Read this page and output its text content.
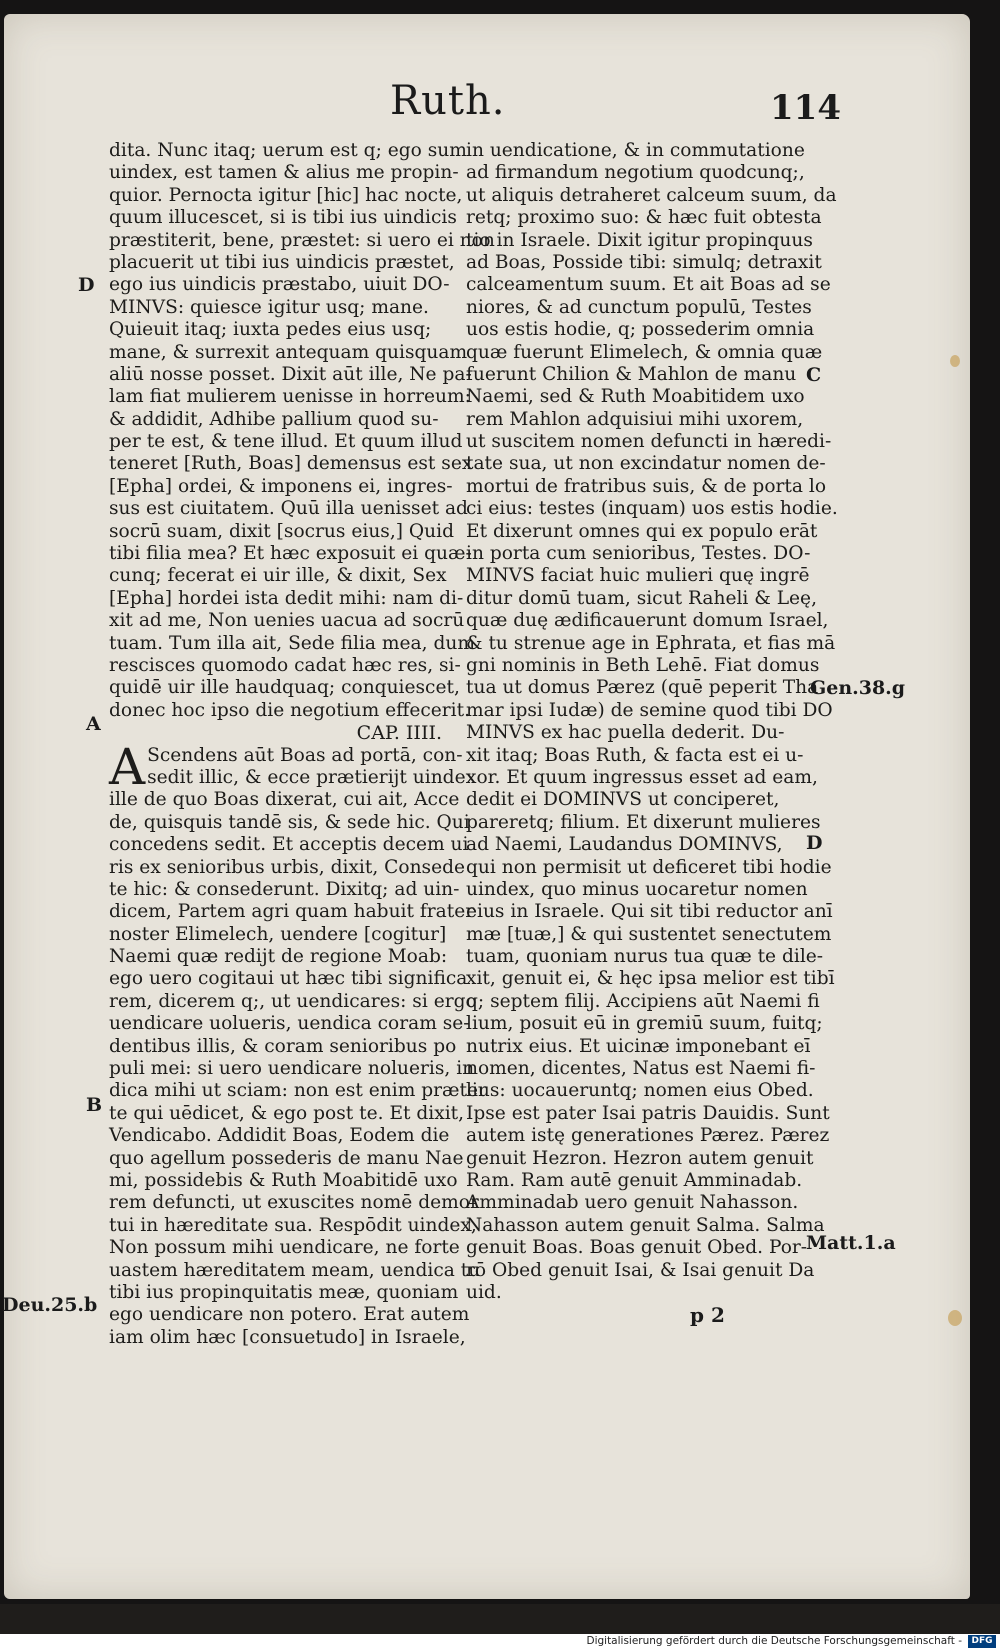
Ruth.	114
dita. Nunc itaq; uerum est q; ego sum
uindex, est tamen & alius me propin-
quior. Pernocta igitur [hic] hac nocte,
quum illucescet, si is tibi ius uindicis
præstiterit, bene, præstet: si uero ei non
placuerit ut tibi ius uindicis præstet,
ego ius uindicis præstabo, uiuit DO-
MINVS: quiesce igitur usq; mane.
Quieuit itaq; iuxta pedes eius usq;
mane, & surrexit antequam quisquam
aliū nosse posset. Dixit aūt ille, Ne pa-
lam fiat mulierem uenisse in horreum:
& addidit, Adhibe pallium quod su-
per te est, & tene illud. Et quum illud
teneret [Ruth, Boas] demensus est sex
[Epha] ordei, & imponens ei, ingres-
sus est ciuitatem. Quū illa uenisset ad
socrū suam, dixit [socrus eius,] Quid
tibi filia mea? Et hæc exposuit ei quæ-
cunq; fecerat ei uir ille, & dixit, Sex
[Epha] hordei ista dedit mihi: nam di-
xit ad me, Non uenies uacua ad socrū
tuam. Tum illa ait, Sede filia mea, dum
rescisces quomodo cadat hæc res, si-
quidē uir ille haudquaq; conquiescet,
donec hoc ipso die negotium effecerit.
CAP. IIII.
A Scendens aūt Boas ad portā, con-
sedit illic, & ecce prætierijt uindex
ille de quo Boas dixerat, cui ait, Acce
de, quisquis tandē sis, & sede hic. Qui
concedens sedit. Et acceptis decem ui
ris ex senioribus urbis, dixit, Consede
te hic: & consederunt. Dixitq; ad uin-
dicem, Partem agri quam habuit frater
noster Elimelech, uendere [cogitur]
Naemi quæ redijt de regione Moab:
ego uero cogitaui ut hæc tibi significa
rem, dicerem q;, ut uendicares: si ergo
uendicare uolueris, uendica coram se-
dentibus illis, & coram senioribus po
puli mei: si uero uendicare nolueris, in
dica mihi ut sciam: non est enim præter
te qui uēdicet, & ego post te. Et dixit,
Vendicabo. Addidit Boas, Eodem die
quo agellum possederis de manu Nae
mi, possidebis & Ruth Moabitidē uxo
rem defuncti, ut exuscites nomē demor
tui in hæreditate sua. Respōdit uindex,
Non possum mihi uendicare, ne forte
uastem hæreditatem meam, uendica tu
tibi ius propinquitatis meæ, quoniam
ego uendicare non potero. Erat autem
iam olim hæc [consuetudo] in Israele,
in uendicatione, & in commutatione
ad firmandum negotium quodcunq;,
ut aliquis detraheret calceum suum, da
retq; proximo suo: & hæc fuit obtesta
tio in Israele. Dixit igitur propinquus
ad Boas, Posside tibi: simulq; detraxit
calceamentum suum. Et ait Boas ad se
niores, & ad cunctum populū, Testes
uos estis hodie, q; possederim omnia
quæ fuerunt Elimelech, & omnia quæ
fuerunt Chilion & Mahlon de manu
Naemi, sed & Ruth Moabitidem uxo
rem Mahlon adquisiui mihi uxorem,
ut suscitem nomen defuncti in hæredi-
tate sua, ut non excindatur nomen de-
mortui de fratribus suis, & de porta lo
ci eius: testes (inquam) uos estis hodie.
Et dixerunt omnes qui ex populo erāt
in porta cum senioribus, Testes. DO-
MINVS faciat huic mulieri quę ingrē
ditur domū tuam, sicut Raheli & Leę,
quæ duę ædificauerunt domum Israel,
& tu strenue age in Ephrata, et fias mā
gni nominis in Beth Lehē. Fiat domus
tua ut domus Pærez (quē peperit Tha
mar ipsi Iudæ) de semine quod tibi DO
MINVS ex hac puella dederit. Du-
xit itaq; Boas Ruth, & facta est ei u-
xor. Et quum ingressus esset ad eam,
dedit ei DOMINVS ut conciperet,
pareretq; filium. Et dixerunt mulieres
ad Naemi, Laudandus DOMINVS,
qui non permisit ut deficeret tibi hodie
uindex, quo minus uocaretur nomen
eius in Israele. Qui sit tibi reductor anī
mæ [tuæ,] & qui sustentet senectutem
tuam, quoniam nurus tua quæ te dile-
xit, genuit ei, & hęc ipsa melior est tibī
q; septem filij. Accipiens aūt Naemi fi
lium, posuit eū in gremiū suum, fuitq;
nutrix eius. Et uicinæ imponebant eī
nomen, dicentes, Natus est Naemi fi-
lius: uocaueruntq; nomen eius Obed.
Ipse est pater Isai patris Dauidis. Sunt
autem istę generationes Pærez. Pærez
genuit Hezron. Hezron autem genuit
Ram. Ram autē genuit Amminadab.
Amminadab uero genuit Nahasson.
Nahasson autem genuit Salma. Salma
genuit Boas. Boas genuit Obed. Por-
rō Obed genuit Isai, & Isai genuit Da
uid.
D
A
B
Deu.25.b
C
D
Gen.38.g
Matt.1.a
p 2
Digitalisierung gefördert durch die Deutsche Forschungsgemeinschaft -	DFG
